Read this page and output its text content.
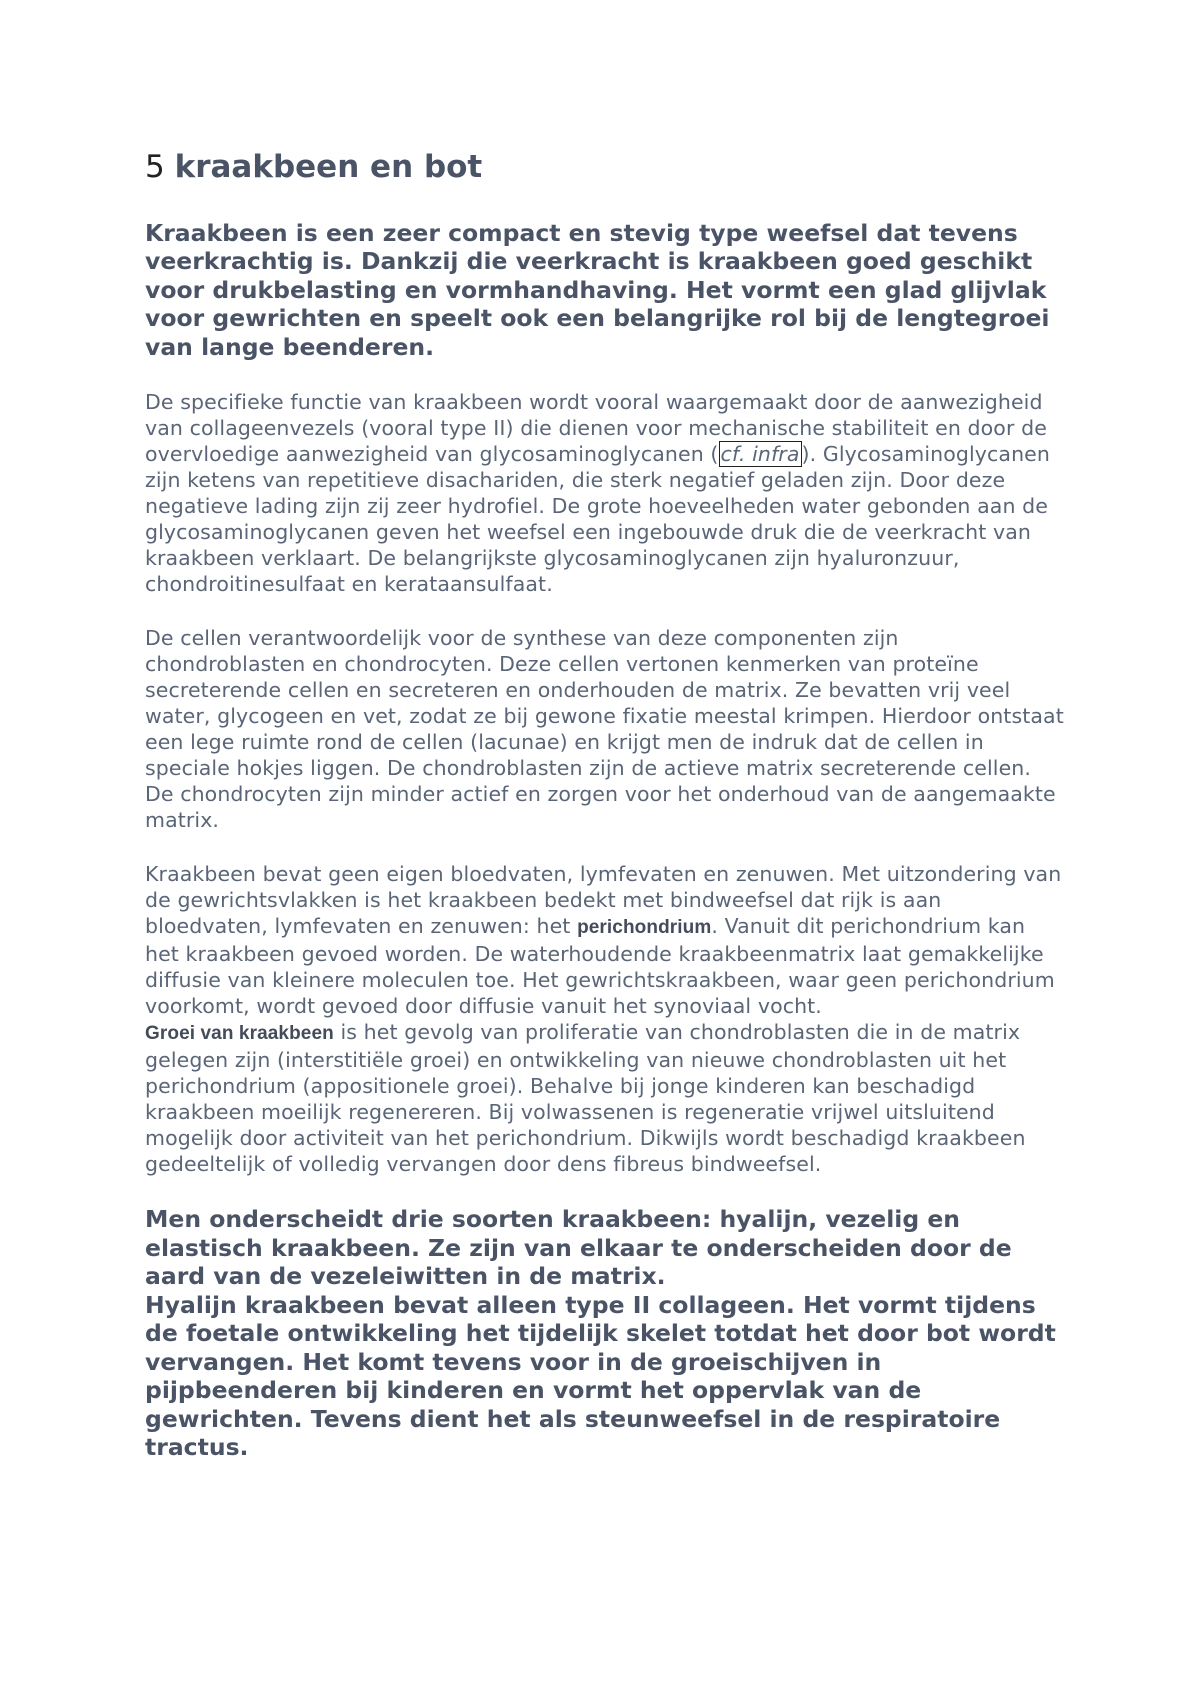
5 kraakbeen en bot

Kraakbeen is een zeer compact en stevig type weefsel dat tevens veerkrachtig is. Dankzij die veerkracht is kraakbeen goed geschikt voor drukbelasting en vormhandhaving. Het vormt een glad glijvlak voor gewrichten en speelt ook een belangrijke rol bij de lengtegroei van lange beenderen.

De specifieke functie van kraakbeen wordt vooral waargemaakt door de aanwezigheid van collageenvezels (vooral type II) die dienen voor mechanische stabiliteit en door de overvloedige aanwezigheid van glycosaminoglycanen (cf. infra). Glycosaminoglycanen zijn ketens van repetitieve disachariden, die sterk negatief geladen zijn. Door deze negatieve lading zijn zij zeer hydrofiel. De grote hoeveelheden water gebonden aan de glycosaminoglycanen geven het weefsel een ingebouwde druk die de veerkracht van kraakbeen verklaart. De belangrijkste glycosaminoglycanen zijn hyaluronzuur, chondroitinesulfaat en kerataansulfaat.

De cellen verantwoordelijk voor de synthese van deze componenten zijn chondroblasten en chondrocyten. Deze cellen vertonen kenmerken van proteïne secreterende cellen en secreteren en onderhouden de matrix. Ze bevatten vrij veel water, glycogeen en vet, zodat ze bij gewone fixatie meestal krimpen. Hierdoor ontstaat een lege ruimte rond de cellen (lacunae) en krijgt men de indruk dat de cellen in speciale hokjes liggen. De chondroblasten zijn de actieve matrix secreterende cellen. De chondrocyten zijn minder actief en zorgen voor het onderhoud van de aangemaakte matrix.

Kraakbeen bevat geen eigen bloedvaten, lymfevaten en zenuwen. Met uitzondering van de gewrichtsvlakken is het kraakbeen bedekt met bindweefsel dat rijk is aan bloedvaten, lymfevaten en zenuwen: het perichondrium. Vanuit dit perichondrium kan het kraakbeen gevoed worden. De waterhoudende kraakbeenmatrix laat gemakkelijke diffusie van kleinere moleculen toe. Het gewrichtskraakbeen, waar geen perichondrium voorkomt, wordt gevoed door diffusie vanuit het synoviaal vocht.

Groei van kraakbeen is het gevolg van proliferatie van chondroblasten die in de matrix gelegen zijn (interstitiële groei) en ontwikkeling van nieuwe chondroblasten uit het perichondrium (appositionele groei). Behalve bij jonge kinderen kan beschadigd kraakbeen moeilijk regenereren. Bij volwassenen is regeneratie vrijwel uitsluitend mogelijk door activiteit van het perichondrium. Dikwijls wordt beschadigd kraakbeen gedeeltelijk of volledig vervangen door dens fibreus bindweefsel.

Men onderscheidt drie soorten kraakbeen: hyalijn, vezelig en elastisch kraakbeen. Ze zijn van elkaar te onderscheiden door de aard van de vezeleiwitten in de matrix.

Hyalijn kraakbeen bevat alleen type II collageen. Het vormt tijdens de foetale ontwikkeling het tijdelijk skelet totdat het door bot wordt vervangen. Het komt tevens voor in de groeischijven in pijpbeenderen bij kinderen en vormt het oppervlak van de gewrichten. Tevens dient het als steunweefsel in de respiratoire tractus.
